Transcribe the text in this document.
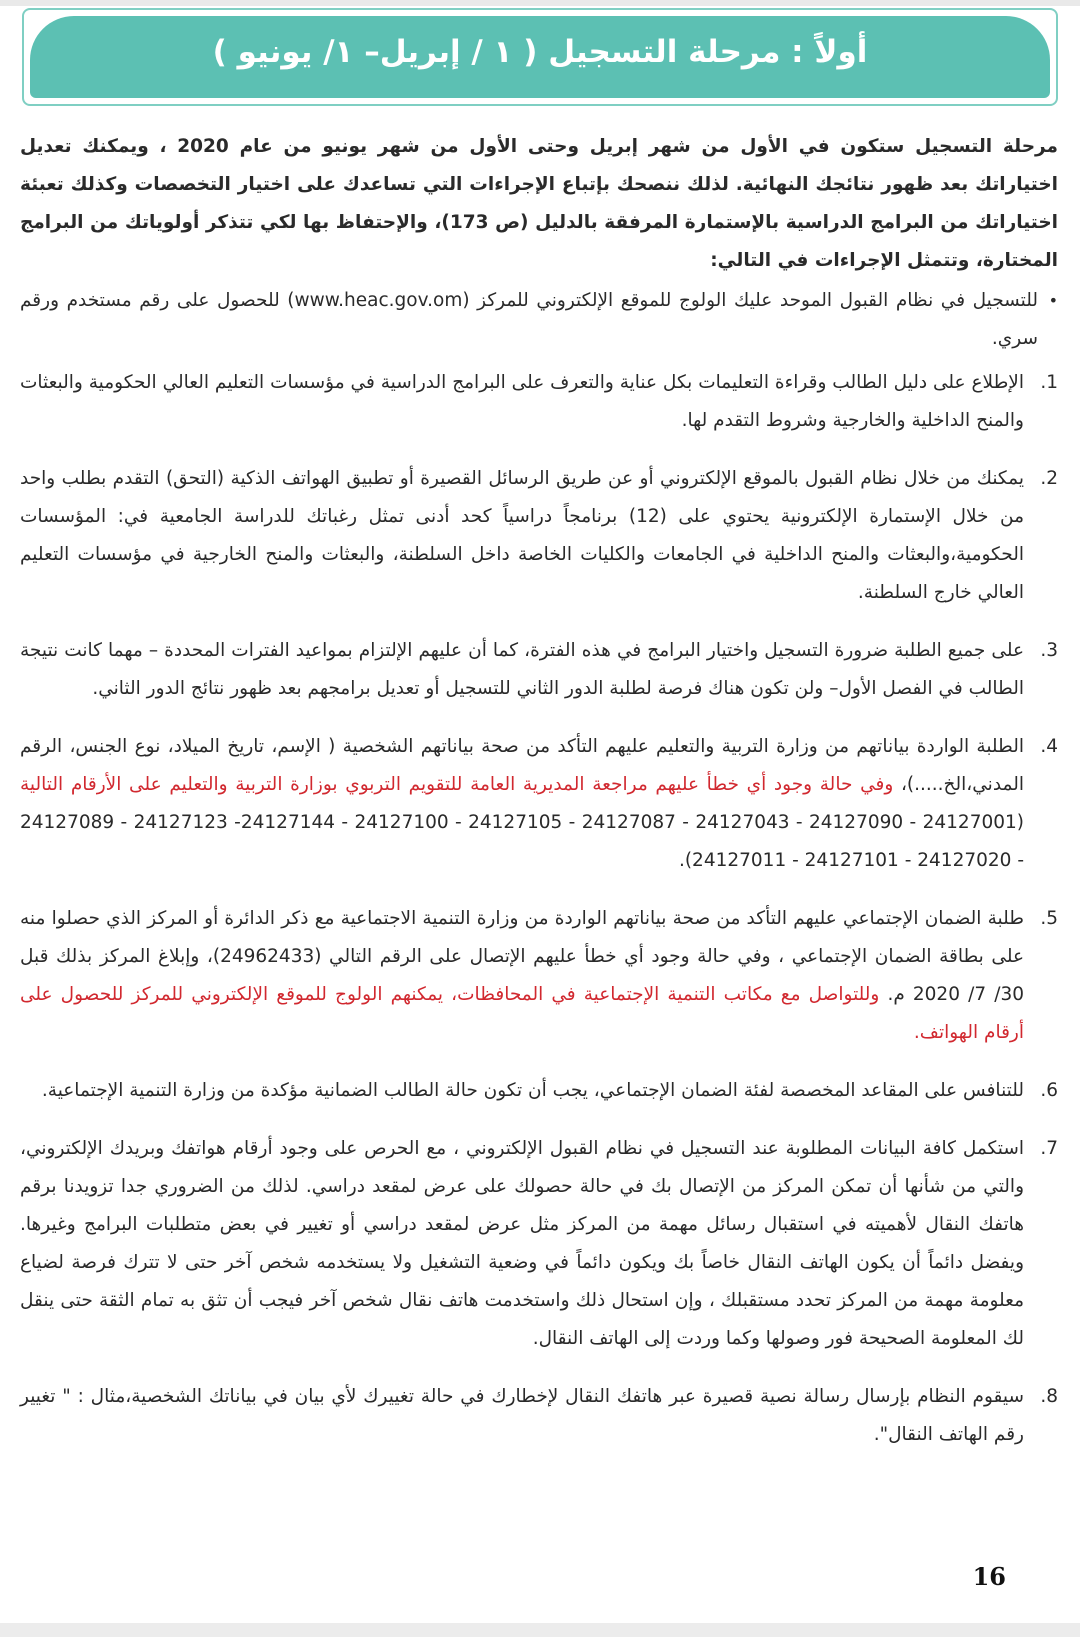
أولاً : مرحلة التسجيل ( ١ / إبريل– ١/ يونيو )

مرحلة التسجيل ستكون في الأول من شهر إبريل وحتى الأول من شهر يونيو من عام 2020 ، ويمكنك تعديل اختياراتك بعد ظهور نتائجك النهائية. لذلك ننصحك بإتباع الإجراءات التي تساعدك على اختيار التخصصات وكذلك تعبئة اختياراتك من البرامج الدراسية بالإستمارة المرفقة بالدليل (ص 173)، والإحتفاظ بها لكي تتذكر أولوياتك من البرامج المختارة، وتتمثل الإجراءات في التالي:

•
للتسجيل في نظام القبول الموحد عليك الولوج للموقع الإلكتروني للمركز (www.heac.gov.om) للحصول على رقم مستخدم ورقم سري.
1.
الإطلاع على دليل الطالب وقراءة التعليمات بكل عناية والتعرف على البرامج الدراسية في مؤسسات التعليم العالي الحكومية والبعثات والمنح الداخلية والخارجية وشروط التقدم لها.
2.
يمكنك من خلال نظام القبول بالموقع الإلكتروني أو عن طريق الرسائل القصيرة أو تطبيق الهواتف الذكية (التحق) التقدم بطلب واحد من خلال الإستمارة الإلكترونية يحتوي على (12) برنامجاً دراسياً كحد أدنى تمثل رغباتك للدراسة الجامعية في: المؤسسات الحكومية،والبعثات والمنح الداخلية في الجامعات والكليات الخاصة داخل السلطنة، والبعثات والمنح الخارجية في مؤسسات التعليم العالي خارج السلطنة.
3.
على جميع الطلبة ضرورة التسجيل واختيار البرامج في هذه الفترة، كما أن عليهم الإلتزام بمواعيد الفترات المحددة – مهما كانت نتيجة الطالب في الفصل الأول– ولن تكون هناك فرصة لطلبة الدور الثاني للتسجيل أو تعديل برامجهم بعد ظهور نتائج الدور الثاني.
4.
الطلبة الواردة بياناتهم من وزارة التربية والتعليم عليهم التأكد من صحة بياناتهم الشخصية ( الإسم، تاريخ الميلاد، نوع الجنس، الرقم المدني،الخ.....)، وفي حالة وجود أي خطأ عليهم مراجعة المديرية العامة للتقويم التربوي بوزارة التربية والتعليم على الأرقام التالية (24127001 - 24127090 - 24127043 - 24127087 - 24127105 - 24127100 - 24127144- 24127123 - 24127089 - 24127020 - 24127101 - 24127011).
5.
طلبة الضمان الإجتماعي عليهم التأكد من صحة بياناتهم الواردة من وزارة التنمية الاجتماعية مع ذكر الدائرة أو المركز الذي حصلوا منه على بطاقة الضمان الإجتماعي ، وفي حالة وجود أي خطأ عليهم الإتصال على الرقم التالي (24962433)، وإبلاغ المركز بذلك قبل 30/ 7/ 2020 م. وللتواصل مع مكاتب التنمية الإجتماعية في المحافظات، يمكنهم الولوج للموقع الإلكتروني للمركز للحصول على أرقام الهواتف.
6.
للتنافس على المقاعد المخصصة لفئة الضمان الإجتماعي، يجب أن تكون حالة الطالب الضمانية مؤكدة من وزارة التنمية الإجتماعية.
7.
استكمل كافة البيانات المطلوبة عند التسجيل في نظام القبول الإلكتروني ، مع الحرص على وجود أرقام هواتفك وبريدك الإلكتروني، والتي من شأنها أن تمكن المركز من الإتصال بك في حالة حصولك على عرض لمقعد دراسي. لذلك من الضروري جدا تزويدنا برقم هاتفك النقال لأهميته في استقبال رسائل مهمة من المركز مثل عرض لمقعد دراسي أو تغيير في بعض متطلبات البرامج وغيرها. ويفضل دائماً أن يكون الهاتف النقال خاصاً بك ويكون دائماً في وضعية التشغيل ولا يستخدمه شخص آخر حتى لا تترك فرصة لضياع معلومة مهمة من المركز تحدد مستقبلك ، وإن استحال ذلك واستخدمت هاتف نقال شخص آخر فيجب أن تثق به تمام الثقة حتى ينقل لك المعلومة الصحيحة فور وصولها وكما وردت إلى الهاتف النقال.
8.
سيقوم النظام بإرسال رسالة نصية قصيرة عبر هاتفك النقال لإخطارك في حالة تغييرك لأي بيان في بياناتك الشخصية،مثال : " تغيير رقم الهاتف النقال".
16
